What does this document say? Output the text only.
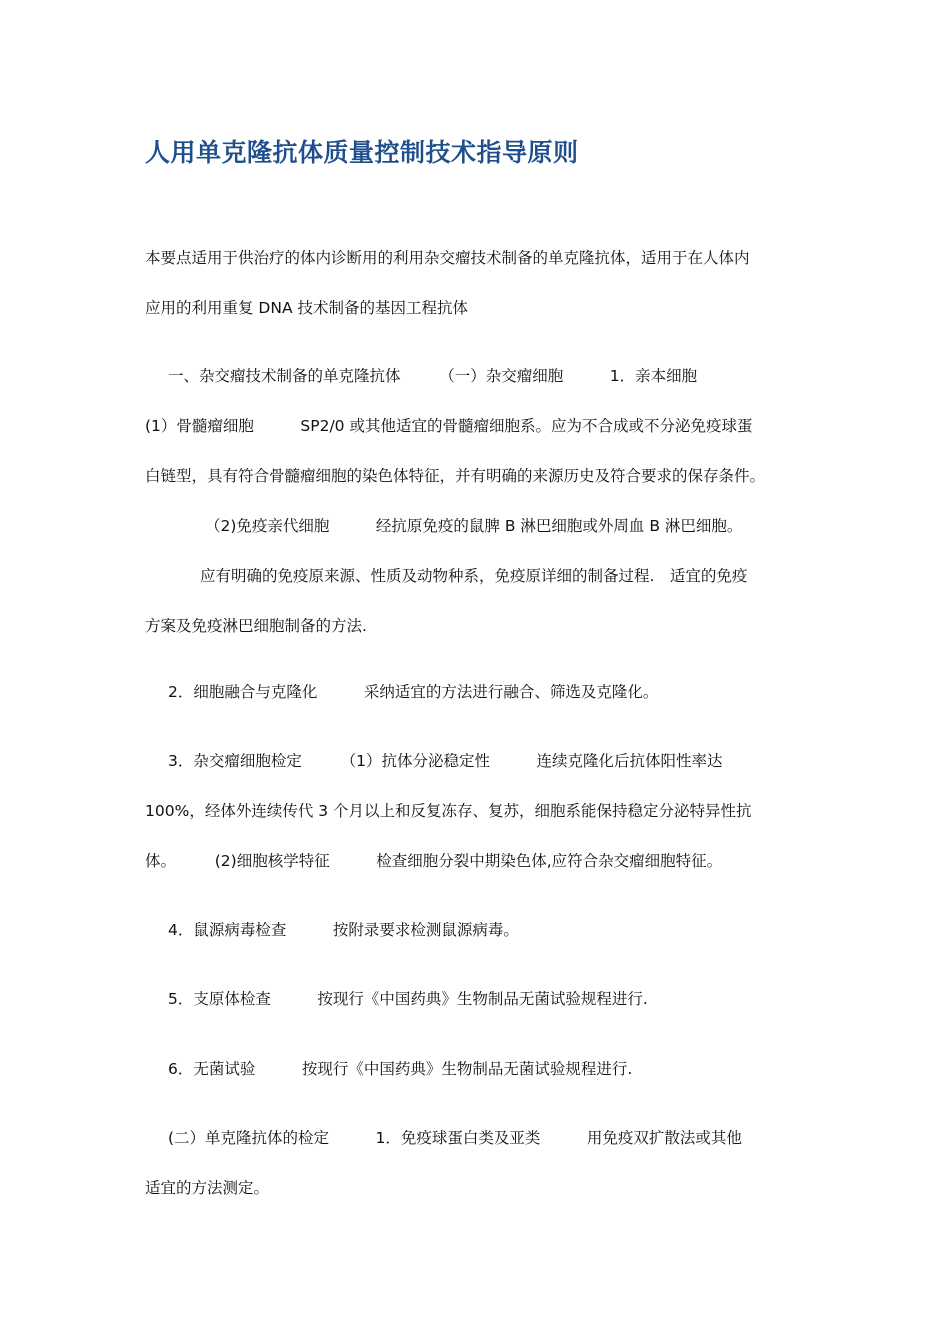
人用单克隆抗体质量控制技术指导原则
本要点适用于供治疗的体内诊断用的利用杂交瘤技术制备的单克隆抗体，适用于在人体内
应用的利用重复 DNA 技术制备的基因工程抗体
一、杂交瘤技术制备的单克隆抗体　　　（一）杂交瘤细胞　　　1．亲本细胞
(1）骨髓瘤细胞　　　SP2/0 或其他适宜的骨髓瘤细胞系。应为不合成或不分泌免疫球蛋
白链型，具有符合骨髓瘤细胞的染色体特征，并有明确的来源历史及符合要求的保存条件。
（2)免疫亲代细胞　　　经抗原免疫的鼠脾 B 淋巴细胞或外周血 B 淋巴细胞。
应有明确的免疫原来源、性质及动物种系，免疫原详细的制备过程.　适宜的免疫
方案及免疫淋巴细胞制备的方法.
2．细胞融合与克隆化　　　采纳适宜的方法进行融合、筛选及克隆化。
3．杂交瘤细胞检定　　　（1）抗体分泌稳定性　　　连续克隆化后抗体阳性率达
100%，经体外连续传代 3 个月以上和反复冻存、复苏，细胞系能保持稳定分泌特异性抗
体。　　　(2)细胞核学特征　　　检查细胞分裂中期染色体,应符合杂交瘤细胞特征。
4．鼠源病毒检查　　　按附录要求检测鼠源病毒。
5．支原体检查　　　按现行《中国药典》生物制品无菌试验规程进行.
6．无菌试验　　　按现行《中国药典》生物制品无菌试验规程进行.
(二）单克隆抗体的检定　　　1．免疫球蛋白类及亚类　　　用免疫双扩散法或其他
适宜的方法测定。
